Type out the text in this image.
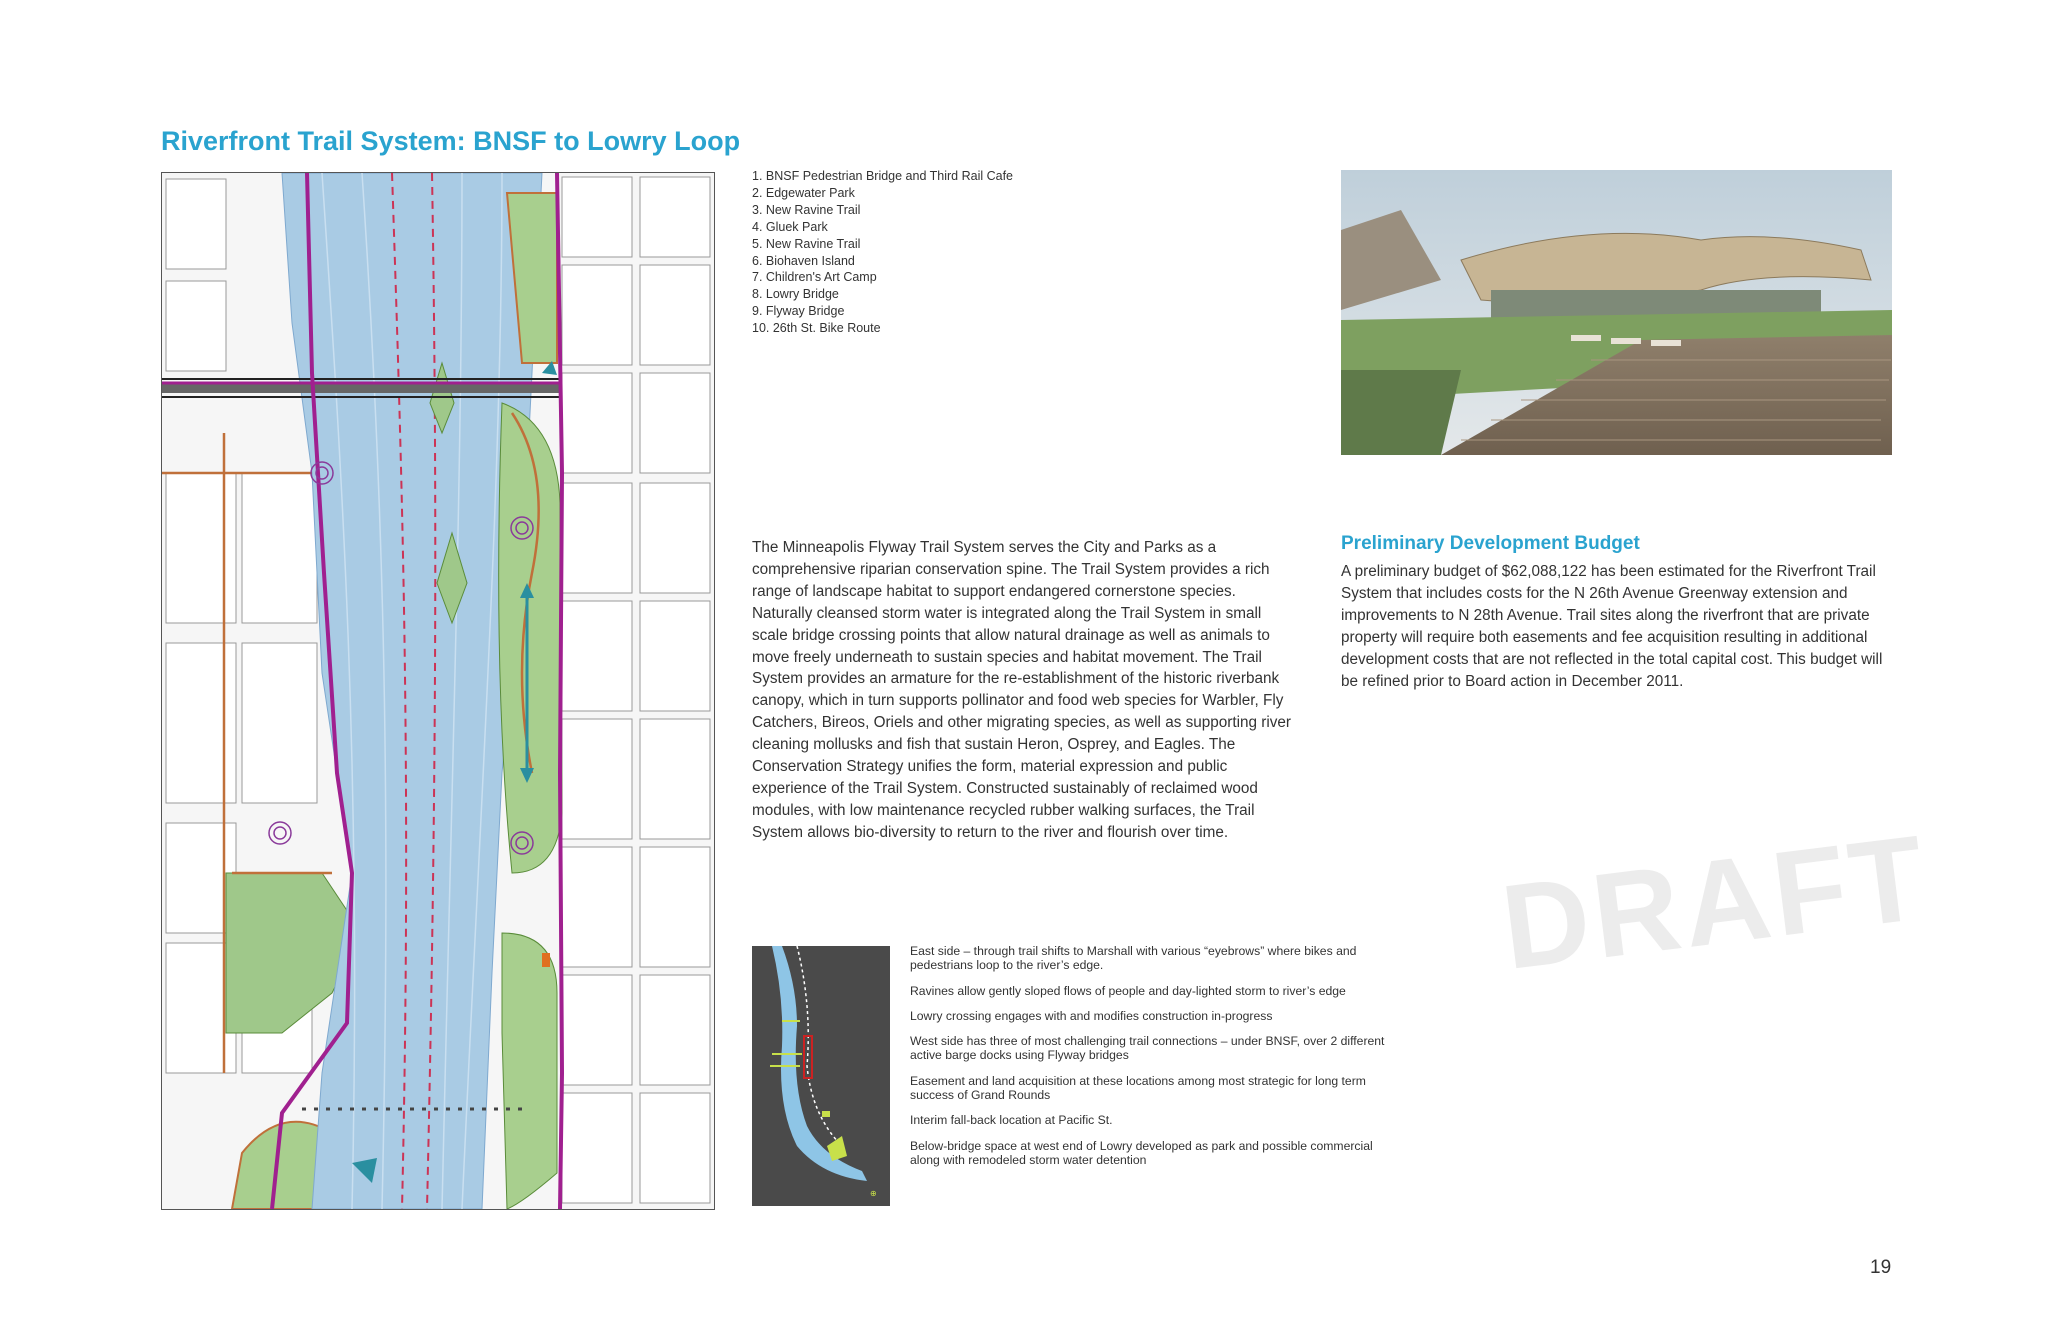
Riverfront Trail System: BNSF to Lowry Loop
1. BNSF Pedestrian Bridge and Third Rail Cafe
2. Edgewater Park
3. New Ravine Trail
4. Gluek Park
5. New Ravine Trail
6. Biohaven Island
7. Children's Art Camp
8. Lowry Bridge
9. Flyway Bridge
10. 26th St. Bike Route

The Minneapolis Flyway Trail System serves the City and Parks as a comprehensive riparian conservation spine. The Trail System provides a rich range of landscape habitat to support endangered cornerstone species. Naturally cleansed storm water is integrated along the Trail System in small scale bridge crossing points that allow natural drainage as well as animals to move freely underneath to sustain species and habitat movement. The Trail System provides an armature for the re-establishment of the historic riverbank canopy, which in turn supports pollinator and food web species for Warbler, Fly Catchers, Bireos, Oriels and other migrating species, as well as supporting river cleaning mollusks and fish that sustain Heron, Osprey, and Eagles. The Conservation Strategy unifies the form, material expression and public experience of the Trail System. Constructed sustainably of reclaimed wood modules, with low maintenance recycled rubber walking surfaces, the Trail System allows bio-diversity to return to the river and flourish over time.

Preliminary Development Budget

A preliminary budget of $62,088,122 has been estimated for the Riverfront Trail System that includes costs for the N 26th Avenue Greenway extension and improvements to N 28th Avenue. Trail sites along the riverfront that are private property will require both easements and fee acquisition resulting in additional development costs that are not reflected in the total capital cost. This budget will be refined prior to Board action in December 2011.

DRAFT
⊕
East side – through trail shifts to Marshall with various “eyebrows” where bikes and pedestrians loop to the river’s edge.
Ravines allow gently sloped flows of people and day-lighted storm to river’s edge
Lowry crossing engages with and modifies construction in-progress
West side has three of most challenging trail connections – under BNSF, over 2 different active barge docks using Flyway bridges
Easement and land acquisition at these locations among most strategic for long term success of Grand Rounds
Interim fall-back location at Pacific St.
Below-bridge space at west end of Lowry developed as park and possible commercial along with remodeled storm water detention
19
